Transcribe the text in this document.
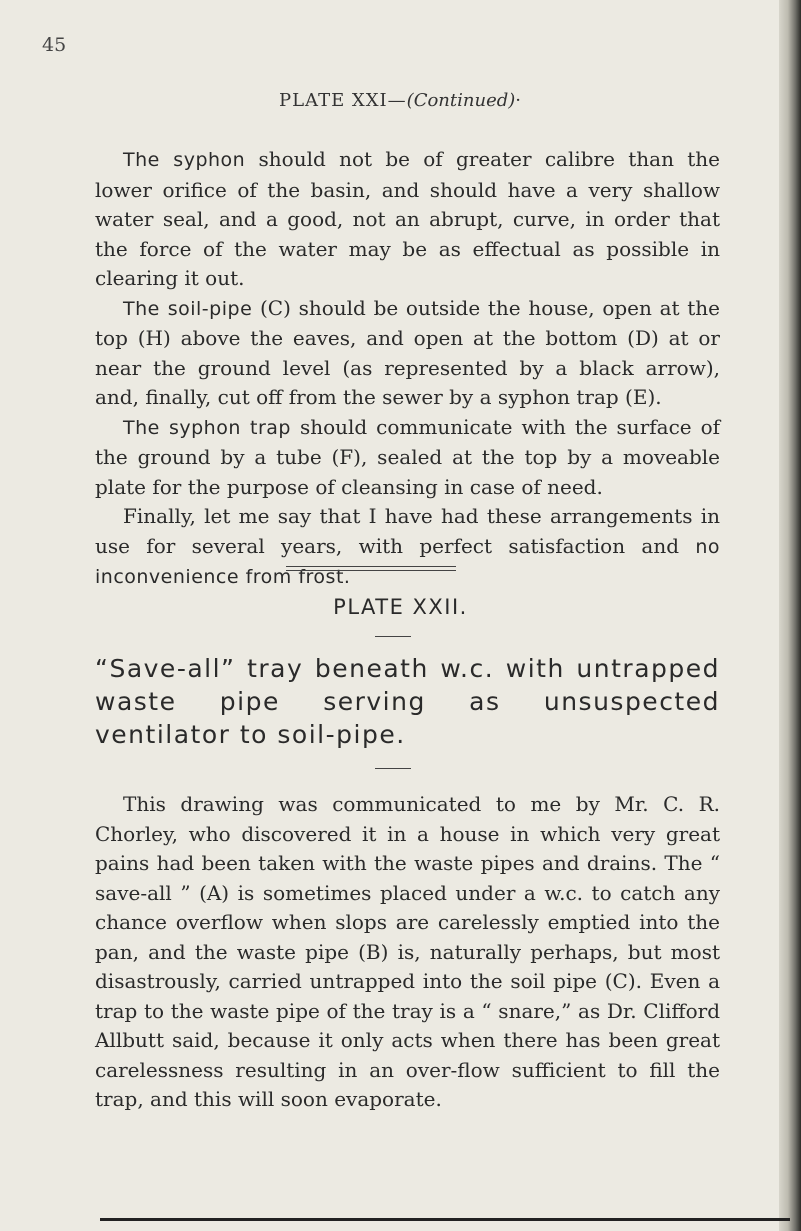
45
PLATE XXI—(Continued)·

The syphon should not be of greater calibre than the lower orifice of the basin, and should have a very shallow water seal, and a good, not an abrupt, curve, in order that the force of the water may be as effectual as possible in clearing it out.

The soil-pipe (C) should be outside the house, open at the top (H) above the eaves, and open at the bottom (D) at or near the ground level (as represented by a black arrow), and, finally, cut off from the sewer by a syphon trap (E).

The syphon trap should communicate with the surface of the ground by a tube (F), sealed at the top by a moveable plate for the purpose of cleansing in case of need.

Finally, let me say that I have had these arrangements in use for several years, with perfect satisfaction and no inconvenience from frost.

PLATE XXII.
“Save-all” tray beneath w.c. with untrapped waste pipe serving as unsuspected ventilator to soil-pipe.

This drawing was communicated to me by Mr. C. R. Chorley, who discovered it in a house in which very great pains had been taken with the waste pipes and drains. The “ save-all ” (A) is sometimes placed under a w.c. to catch any chance overflow when slops are carelessly emptied into the pan, and the waste pipe (B) is, naturally perhaps, but most disastrously, carried untrapped into the soil pipe (C). Even a trap to the waste pipe of the tray is a “ snare,” as Dr. Clifford Allbutt said, because it only acts when there has been great carelessness resulting in an over-flow sufficient to fill the trap, and this will soon evaporate.
